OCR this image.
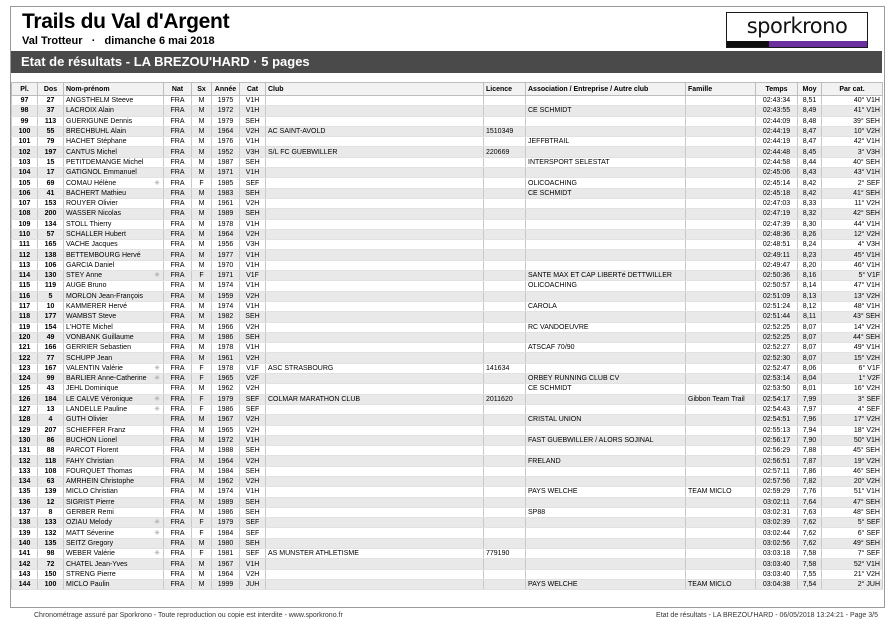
Trails du Val d'Argent
Val Trotteur · dimanche 6 mai 2018
sporkrono
Etat de résultats - LA BREZOU'HARD · 5 pages
Pl.	Dos	Nom-prénom	Nat	Sx	Année	Cat	Club	Licence	Association / Entreprise / Autre club	Famille	Temps	Moy	Par cat.
97	27	ANGSTHELM Steeve	FRA	M	1975	V1H					02:43:34	8,51	40° V1H
98	37	LACROIX Alain	FRA	M	1972	V1H			CE SCHMIDT		02:43:55	8,49	41° V1H
99	113	GUERIGUNE Dennis	FRA	M	1979	SEH					02:44:09	8,48	39° SEH
100	55	BRECHBUHL Alain	FRA	M	1964	V2H	AC SAINT-AVOLD	1510349			02:44:19	8,47	10° V2H
101	79	HACHET Stéphane	FRA	M	1976	V1H			JEFFBTRAIL		02:44:19	8,47	42° V1H
102	197	CANTUS Michel	FRA	M	1952	V3H	S/L FC GUEBWILLER	220669			02:44:48	8,45	3° V3H
103	15	PETITDEMANGE Michel	FRA	M	1987	SEH			INTERSPORT SELESTAT		02:44:58	8,44	40° SEH
104	17	GATIGNOL Emmanuel	FRA	M	1971	V1H					02:45:06	8,43	43° V1H
105	69	COMAU Hélène ✳	FRA	F	1985	SEF			OLICOACHING		02:45:14	8,42	2° SEF
106	41	BACHERT Mathieu	FRA	M	1983	SEH			CE SCHMIDT		02:45:18	8,42	41° SEH
107	153	ROUYER Olivier	FRA	M	1961	V2H					02:47:03	8,33	11° V2H
108	200	WASSER Nicolas	FRA	M	1989	SEH					02:47:19	8,32	42° SEH
109	134	STOLL Thierry	FRA	M	1978	V1H					02:47:39	8,30	44° V1H
110	57	SCHALLER Hubert	FRA	M	1964	V2H					02:48:36	8,26	12° V2H
111	165	VACHE Jacques	FRA	M	1956	V3H					02:48:51	8,24	4° V3H
112	138	BETTEMBOURG Hervé	FRA	M	1977	V1H					02:49:11	8,23	45° V1H
113	106	GARCIA Daniel	FRA	M	1970	V1H					02:49:47	8,20	46° V1H
114	130	STEY Anne ✳	FRA	F	1971	V1F			SANTE MAX ET CAP LIBERTé DETTWILLER		02:50:36	8,16	5° V1F
115	119	AUGE Bruno	FRA	M	1974	V1H			OLICOACHING		02:50:57	8,14	47° V1H
116	5	MORLON Jean-François	FRA	M	1959	V2H					02:51:09	8,13	13° V2H
117	10	KAMMERER Hervé	FRA	M	1974	V1H			CAROLA		02:51:24	8,12	48° V1H
118	177	WAMBST Steve	FRA	M	1982	SEH					02:51:44	8,11	43° SEH
119	154	L'HOTE Michel	FRA	M	1966	V2H			RC VANDOEUVRE		02:52:25	8,07	14° V2H
120	49	VONBANK Guillaume	FRA	M	1986	SEH					02:52:25	8,07	44° SEH
121	166	GERRIER Sebastien	FRA	M	1978	V1H			ATSCAF 70/90		02:52:27	8,07	49° V1H
122	77	SCHUPP Jean	FRA	M	1961	V2H					02:52:30	8,07	15° V2H
123	167	VALENTIN Valérie ✳	FRA	F	1978	V1F	ASC STRASBOURG	141634			02:52:47	8,06	6° V1F
124	99	BARLIER Anne-Catherine ✳	FRA	F	1965	V2F			ORBEY RUNNING CLUB CV		02:53:14	8,04	1° V2F
125	43	JEHL Dominique	FRA	M	1962	V2H			CE SCHMIDT		02:53:50	8,01	16° V2H
126	184	LE CALVE Véronique ✳	FRA	F	1979	SEF	COLMAR MARATHON CLUB	2011620		Gibbon Team Trail	02:54:17	7,99	3° SEF
127	13	LANDELLE Pauline ✳	FRA	F	1986	SEF					02:54:43	7,97	4° SEF
128	4	GUTH Olivier	FRA	M	1967	V2H			CRISTAL UNION		02:54:51	7,96	17° V2H
129	207	SCHIEFFER Franz	FRA	M	1965	V2H					02:55:13	7,94	18° V2H
130	86	BUCHON Lionel	FRA	M	1972	V1H			FAST GUEBWILLER / ALORS SOJINAL		02:56:17	7,90	50° V1H
131	88	PARCOT Florent	FRA	M	1988	SEH					02:56:29	7,88	45° SEH
132	118	FAHY Christian	FRA	M	1964	V2H			FRELAND		02:56:51	7,87	19° V2H
133	108	FOURQUET Thomas	FRA	M	1984	SEH					02:57:11	7,86	46° SEH
134	63	AMRHEIN Christophe	FRA	M	1962	V2H					02:57:56	7,82	20° V2H
135	139	MICLO Christian	FRA	M	1974	V1H			PAYS WELCHE	TEAM MICLO	02:59:29	7,76	51° V1H
136	12	SIGRIST Pierre	FRA	M	1989	SEH					03:02:11	7,64	47° SEH
137	8	GERBER Remi	FRA	M	1986	SEH			SP88		03:02:31	7,63	48° SEH
138	133	OZIAU Melody ✳	FRA	F	1979	SEF					03:02:39	7,62	5° SEF
139	132	MATT Séverine ✳	FRA	F	1984	SEF					03:02:44	7,62	6° SEF
140	135	SEITZ Gregory	FRA	M	1980	SEH					03:02:56	7,62	49° SEH
141	98	WEBER Valérie ✳	FRA	F	1981	SEF	AS MUNSTER ATHLETISME	779190			03:03:18	7,58	7° SEF
142	72	CHATEL Jean-Yves	FRA	M	1967	V1H					03:03:40	7,58	52° V1H
143	150	STRENG Pierre	FRA	M	1964	V2H					03:03:40	7,55	21° V2H
144	100	MICLO Paulin	FRA	M	1999	JUH			PAYS WELCHE	TEAM MICLO	03:04:38	7,54	2° JUH
Chronométrage assuré par Sporkrono - Toute reproduction ou copie est interdite - www.sporkrono.fr	Etat de résultats - LA BREZOU'HARD - 06/05/2018 13:24:21 - Page 3/5
